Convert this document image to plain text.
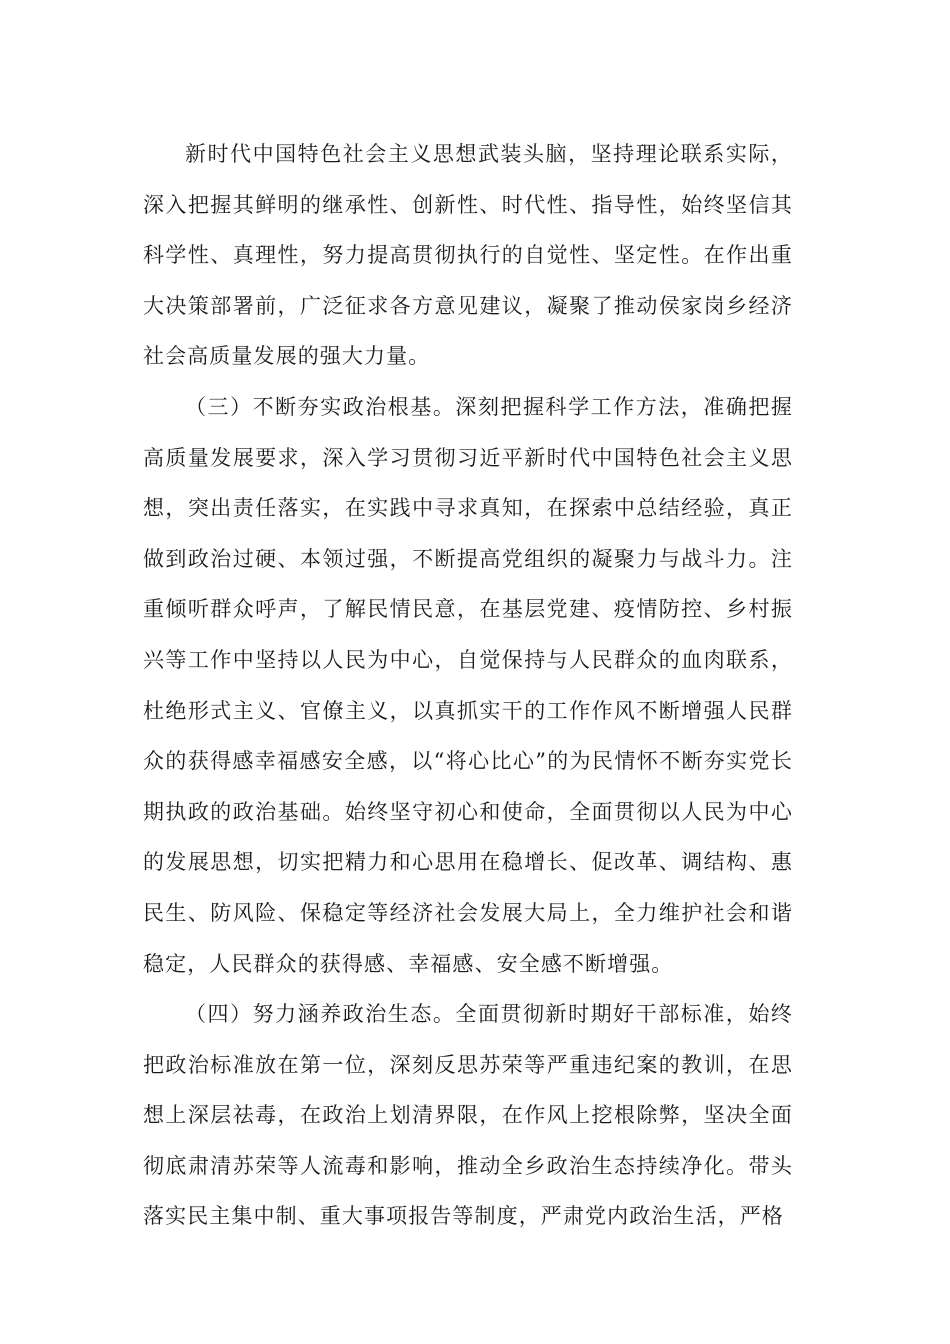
新时代中国特色社会主义思想武装头脑，坚持理论联系实际，深入把握其鲜明的继承性、创新性、时代性、指导性，始终坚信其科学性、真理性，努力提高贯彻执行的自觉性、坚定性。在作出重大决策部署前，广泛征求各方意见建议，凝聚了推动侯家岗乡经济社会高质量发展的强大力量。

（三）不断夯实政治根基。深刻把握科学工作方法，准确把握高质量发展要求，深入学习贯彻习近平新时代中国特色社会主义思想，突出责任落实，在实践中寻求真知，在探索中总结经验，真正做到政治过硬、本领过强，不断提高党组织的凝聚力与战斗力。注重倾听群众呼声，了解民情民意，在基层党建、疫情防控、乡村振兴等工作中坚持以人民为中心，自觉保持与人民群众的血肉联系，杜绝形式主义、官僚主义，以真抓实干的工作作风不断增强人民群众的获得感幸福感安全感，以“将心比心”的为民情怀不断夯实党长期执政的政治基础。始终坚守初心和使命，全面贯彻以人民为中心的发展思想，切实把精力和心思用在稳增长、促改革、调结构、惠民生、防风险、保稳定等经济社会发展大局上，全力维护社会和谐稳定，人民群众的获得感、幸福感、安全感不断增强。

（四）努力涵养政治生态。全面贯彻新时期好干部标准，始终把政治标准放在第一位，深刻反思苏荣等严重违纪案的教训，在思想上深层祛毒，在政治上划清界限，在作风上挖根除弊，坚决全面彻底肃清苏荣等人流毒和影响，推动全乡政治生态持续净化。带头落实民主集中制、重大事项报告等制度，严肃党内政治生活，严格
